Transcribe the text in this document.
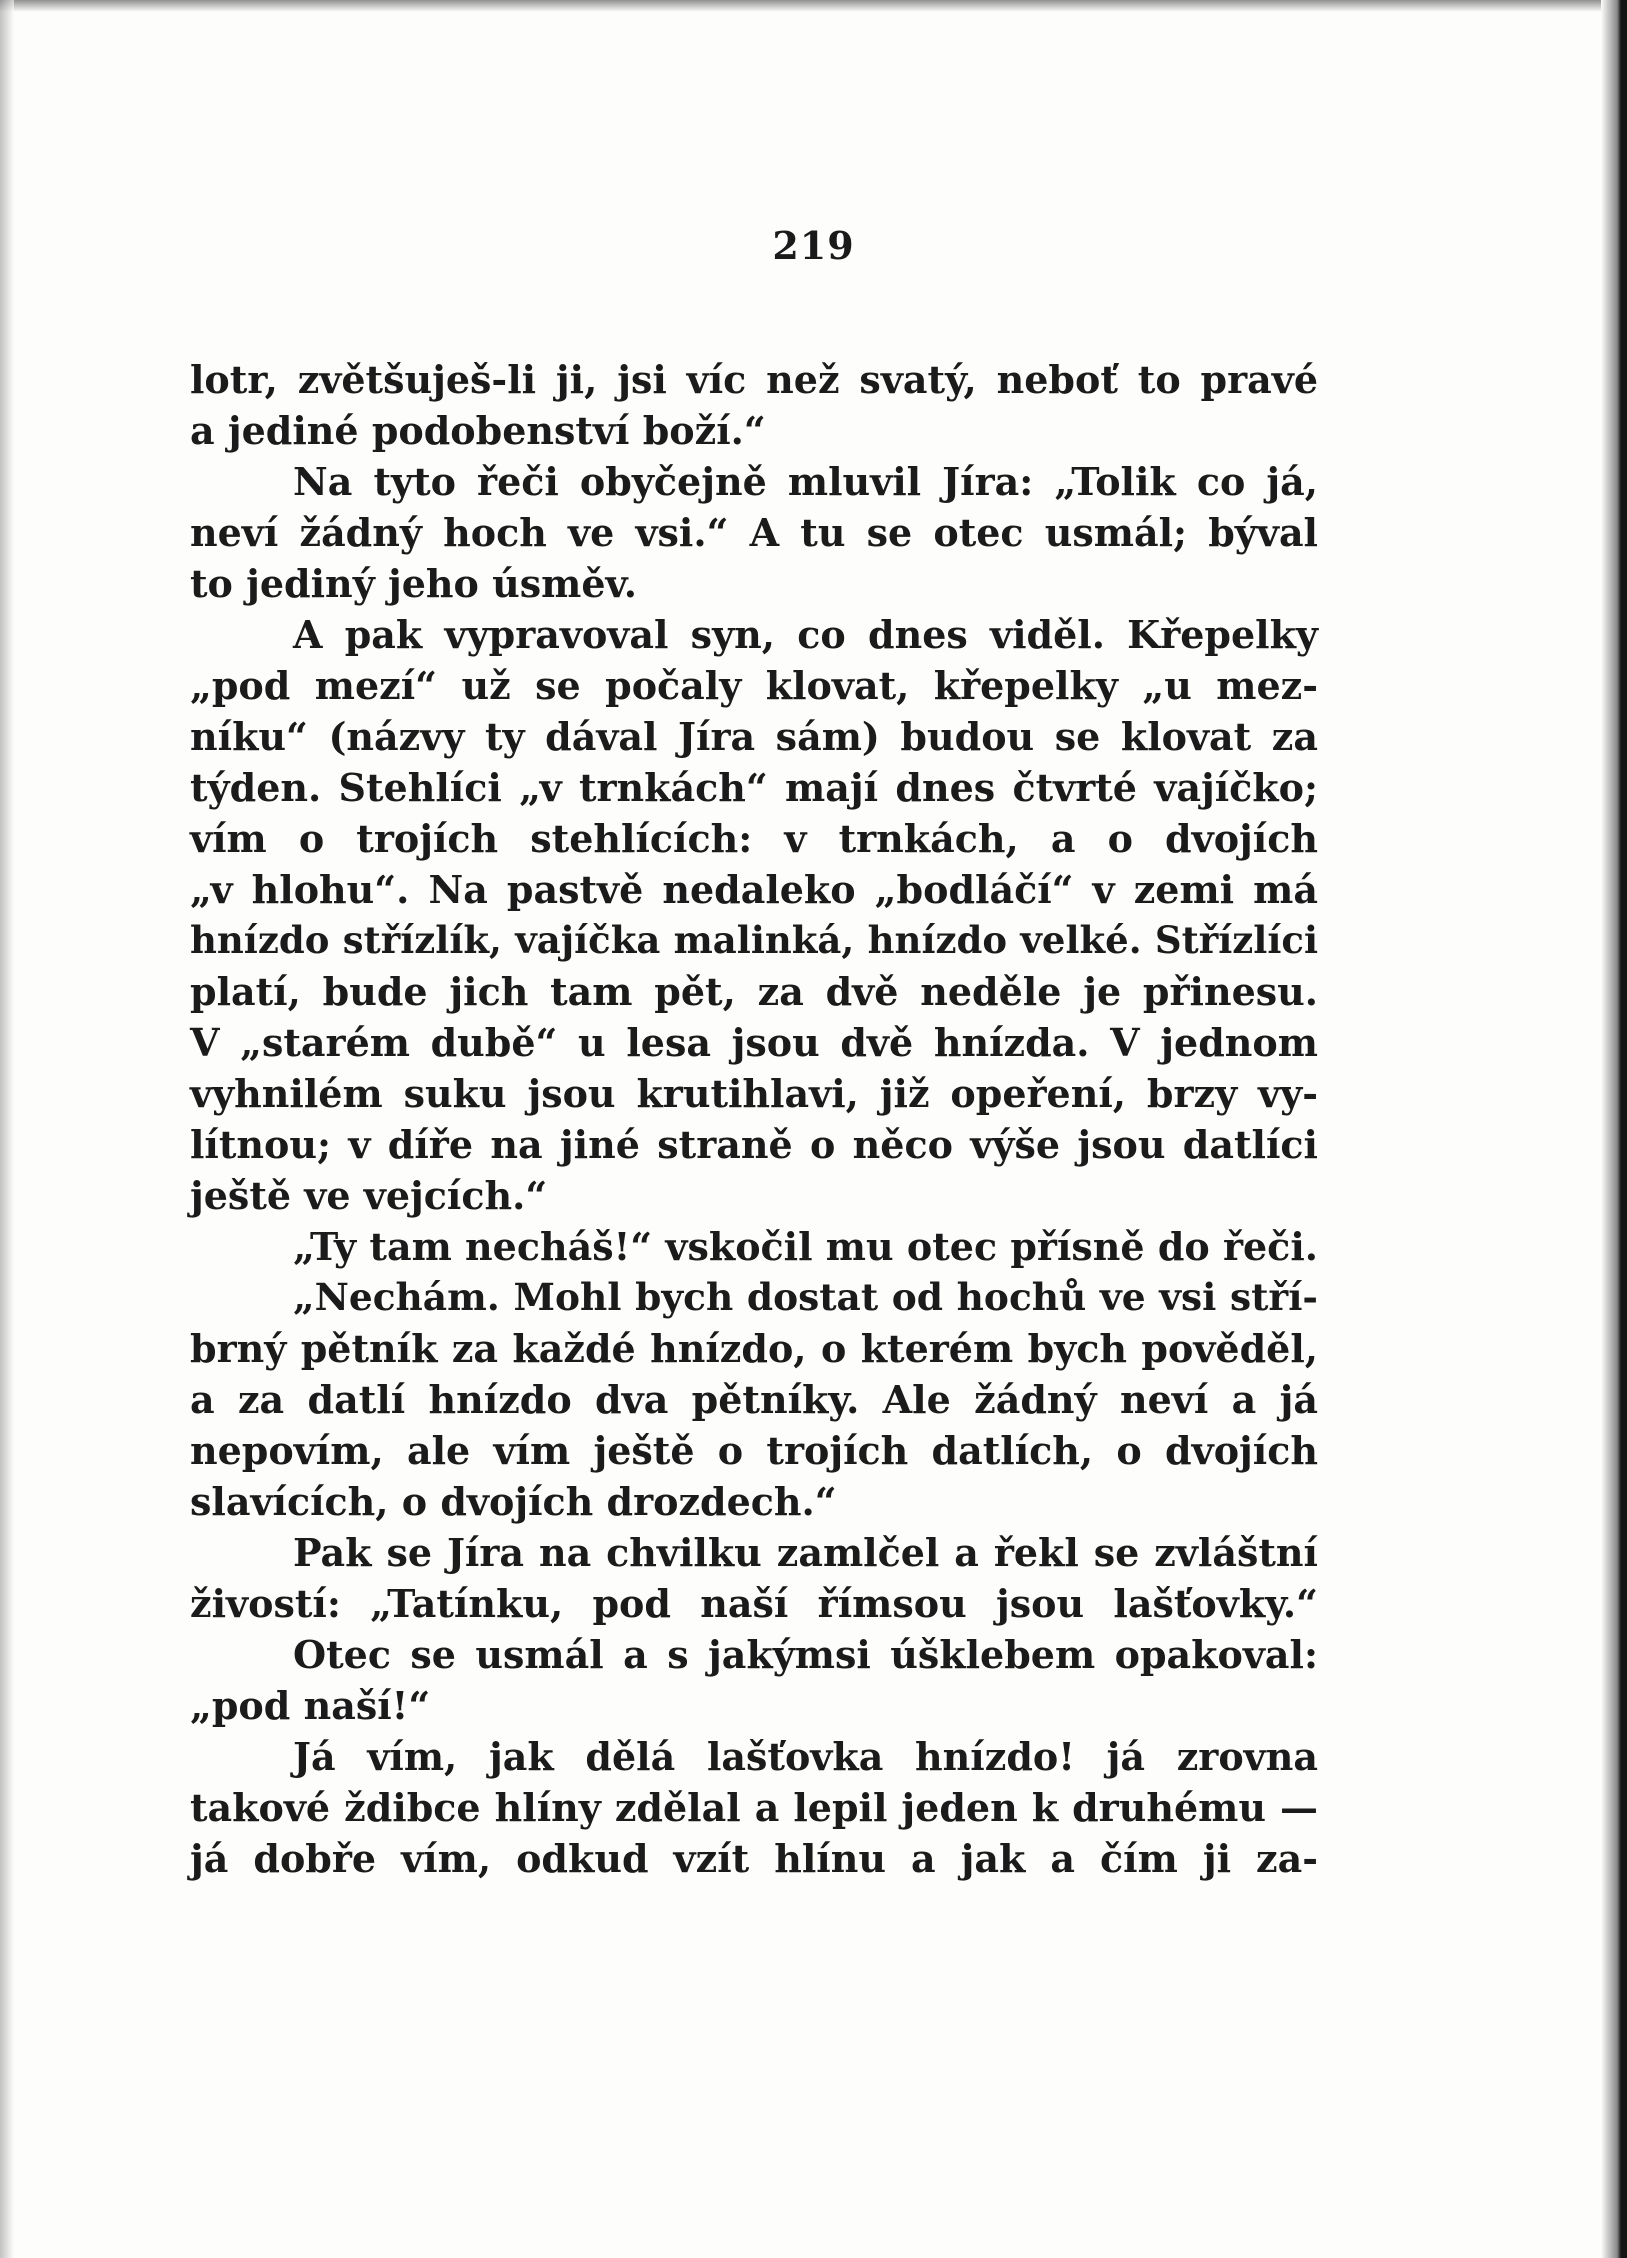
219
lotr, zvětšuješ-li ji, jsi víc než svatý, neboť to pravé
a jediné podobenství boží.“
Na tyto řeči obyčejně mluvil Jíra: „Tolik co já,
neví žádný hoch ve vsi.“ A tu se otec usmál; býval
to jediný jeho úsměv.
A pak vypravoval syn, co dnes viděl. Křepelky
„pod mezí“ už se počaly klovat, křepelky „u mez-
níku“ (názvy ty dával Jíra sám) budou se klovat za
týden. Stehlíci „v trnkách“ mají dnes čtvrté vajíčko;
vím o trojích stehlících: v trnkách, a o dvojích
„v hlohu“. Na pastvě nedaleko „bodláčí“ v zemi má
hnízdo střízlík, vajíčka malinká, hnízdo velké. Střízlíci
platí, bude jich tam pět, za dvě neděle je přinesu.
V „starém dubě“ u lesa jsou dvě hnízda. V jednom
vyhnilém suku jsou krutihlavi, již opeření, brzy vy-
lítnou; v díře na jiné straně o něco výše jsou datlíci
ještě ve vejcích.“
„Ty tam necháš!“ vskočil mu otec přísně do řeči.
„Nechám. Mohl bych dostat od hochů ve vsi stří-
brný pětník za každé hnízdo, o kterém bych pověděl,
a za datlí hnízdo dva pětníky. Ale žádný neví a já
nepovím, ale vím ještě o trojích datlích, o dvojích
slavících, o dvojích drozdech.“
Pak se Jíra na chvilku zamlčel a řekl se zvláštní
živostí: „Tatínku, pod naší římsou jsou lašťovky.“
Otec se usmál a s jakýmsi úšklebem opakoval:
„pod naší!“
Já vím, jak dělá lašťovka hnízdo! já zrovna
takové ždibce hlíny zdělal a lepil jeden k druhému —
já dobře vím, odkud vzít hlínu a jak a čím ji za-
